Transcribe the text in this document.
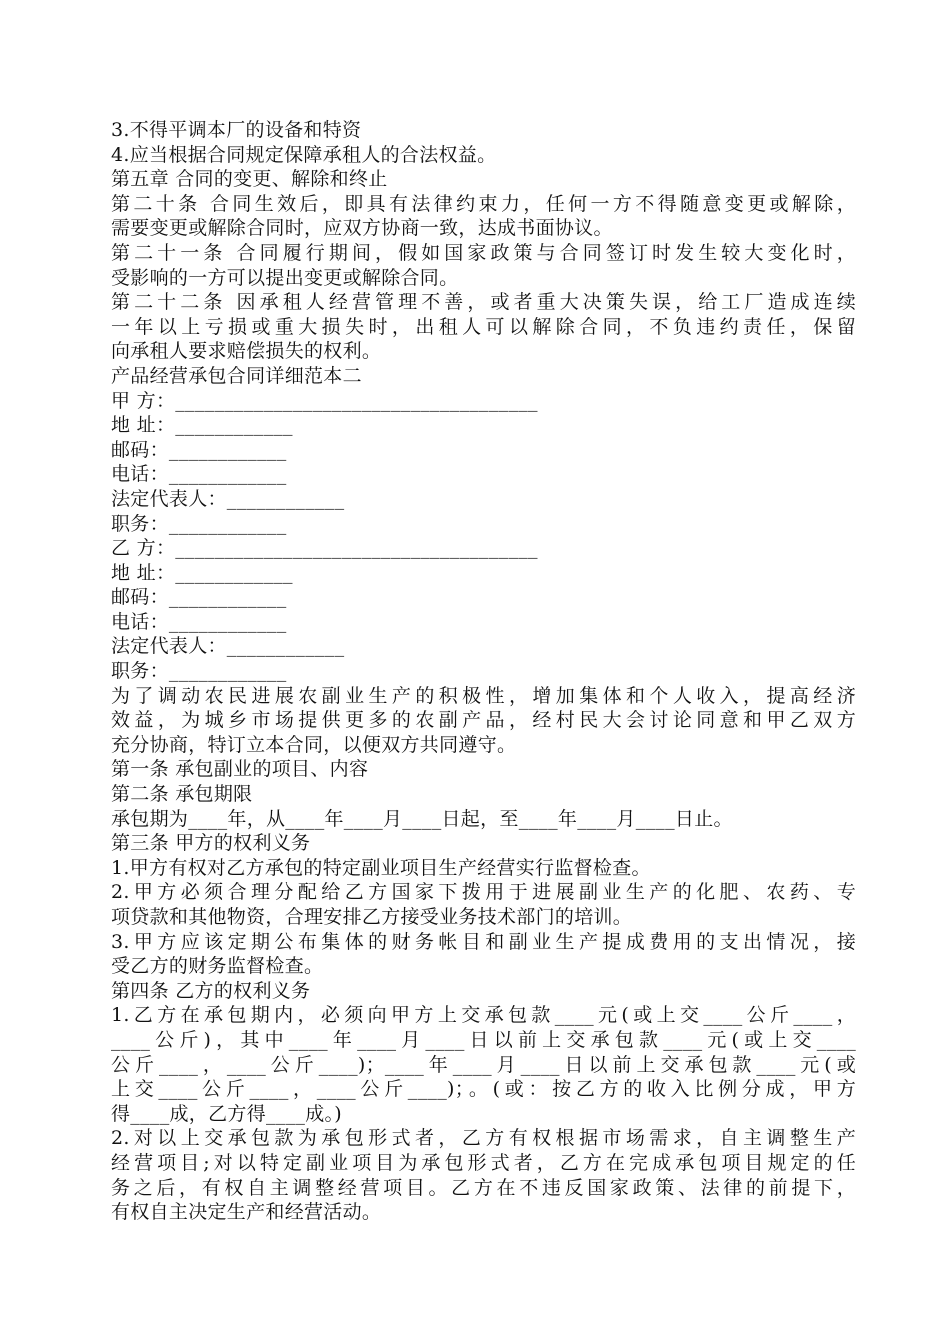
3.不得平调本厂的设备和特资
4.应当根据合同规定保障承租人的合法权益。
第五章 合同的变更、解除和终止
第二十条 合同生效后，即具有法律约束力，任何一方不得随意变更或解除，
需要变更或解除合同时，应双方协商一致，达成书面协议。
第二十一条 合同履行期间，假如国家政策与合同签订时发生较大变化时，
受影响的一方可以提出变更或解除合同。
第二十二条 因承租人经营管理不善，或者重大决策失误，给工厂造成连续
一年以上亏损或重大损失时，出租人可以解除合同，不负违约责任，保留
向承租人要求赔偿损失的权利。
产品经营承包合同详细范本二
甲 方：_____________________________________
地 址：____________
邮码：____________
电话：____________
法定代表人：____________
职务：____________
乙 方：_____________________________________
地 址：____________
邮码：____________
电话：____________
法定代表人：____________
职务：____________
为了调动农民进展农副业生产的积极性，增加集体和个人收入，提高经济
效益，为城乡市场提供更多的农副产品，经村民大会讨论同意和甲乙双方
充分协商，特订立本合同，以便双方共同遵守。
第一条 承包副业的项目、内容
第二条 承包期限
承包期为____年，从____年____月____日起，至____年____月____日止。
第三条 甲方的权利义务
1.甲方有权对乙方承包的特定副业项目生产经营实行监督检查。
2.甲方必须合理分配给乙方国家下拨用于进展副业生产的化肥、农药、专
项贷款和其他物资，合理安排乙方接受业务技术部门的培训。
3.甲方应该定期公布集体的财务帐目和副业生产提成费用的支出情况，接
受乙方的财务监督检查。
第四条 乙方的权利义务
1.乙方在承包期内，必须向甲方上交承包款____元(或上交____公斤____，
____公斤)，其中____年____月____日以前上交承包款____元(或上交____
公斤____，____公斤____)；____年____月____日以前上交承包款____元(或
上交____公斤____，____公斤____)；。(或：按乙方的收入比例分成，甲方
得____成，乙方得____成。)
2.对以上交承包款为承包形式者，乙方有权根据市场需求，自主调整生产
经营项目;对以特定副业项目为承包形式者，乙方在完成承包项目规定的任
务之后，有权自主调整经营项目。乙方在不违反国家政策、法律的前提下，
有权自主决定生产和经营活动。
